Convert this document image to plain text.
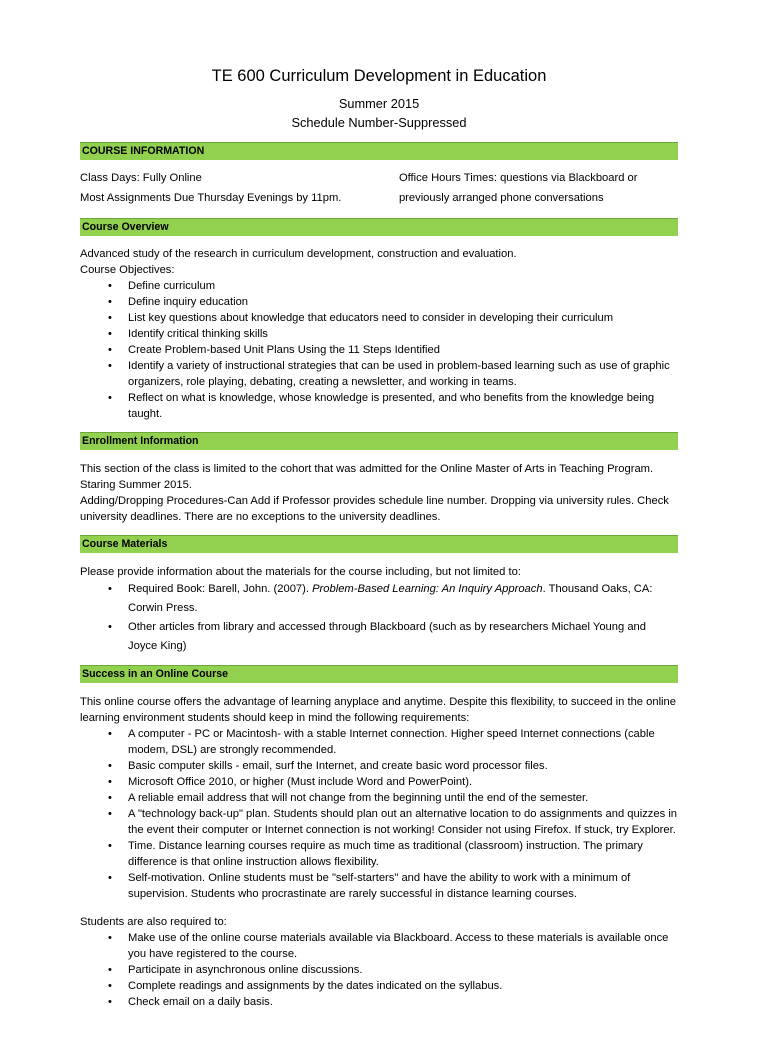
TE 600 Curriculum Development in Education
Summer 2015
Schedule Number-Suppressed
COURSE INFORMATION
Class Days: Fully Online
Most Assignments Due Thursday Evenings by 11pm.
Office Hours Times: questions via Blackboard or previously arranged phone conversations
Course Overview

Advanced study of the research in curriculum development, construction and evaluation.

Course Objectives:

• Define curriculum
• Define inquiry education
• List key questions about knowledge that educators need to consider in developing their curriculum
• Identify critical thinking skills
• Create Problem-based Unit Plans Using the 11 Steps Identified
• Identify a variety of instructional strategies that can be used in problem-based learning such as use of graphic organizers, role playing, debating, creating a newsletter, and working in teams.
• Reflect on what is knowledge, whose knowledge is presented, and who benefits from the knowledge being taught.
Enrollment Information

This section of the class is limited to the cohort that was admitted for the Online Master of Arts in Teaching Program. Staring Summer 2015.

Adding/Dropping Procedures-Can Add if Professor provides schedule line number. Dropping via university rules. Check university deadlines. There are no exceptions to the university deadlines.

Course Materials

Please provide information about the materials for the course including, but not limited to:

• Required Book: Barell, John. (2007). Problem-Based Learning: An Inquiry Approach. Thousand Oaks, CA: Corwin Press.
• Other articles from library and accessed through Blackboard (such as by researchers Michael Young and Joyce King)
Success in an Online Course

This online course offers the advantage of learning anyplace and anytime. Despite this flexibility, to succeed in the online learning environment students should keep in mind the following requirements:

• A computer - PC or Macintosh- with a stable Internet connection. Higher speed Internet connections (cable modem, DSL) are strongly recommended.
• Basic computer skills - email, surf the Internet, and create basic word processor files.
• Microsoft Office 2010, or higher (Must include Word and PowerPoint).
• A reliable email address that will not change from the beginning until the end of the semester.
• A "technology back-up" plan. Students should plan out an alternative location to do assignments and quizzes in the event their computer or Internet connection is not working! Consider not using Firefox. If stuck, try Explorer.
• Time. Distance learning courses require as much time as traditional (classroom) instruction. The primary difference is that online instruction allows flexibility.
• Self-motivation. Online students must be "self-starters" and have the ability to work with a minimum of supervision. Students who procrastinate are rarely successful in distance learning courses.

Students are also required to:

• Make use of the online course materials available via Blackboard. Access to these materials is available once you have registered to the course.
• Participate in asynchronous online discussions.
• Complete readings and assignments by the dates indicated on the syllabus.
• Check email on a daily basis.
